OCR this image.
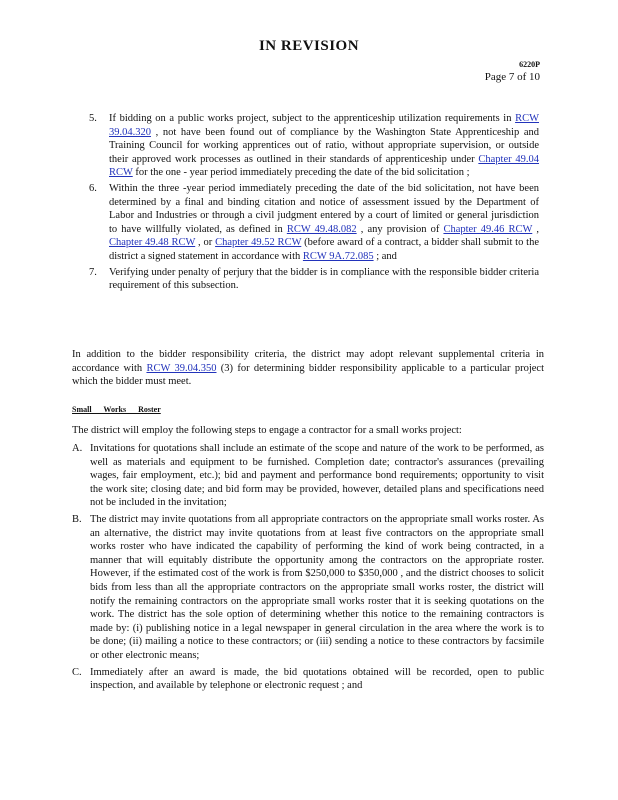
IN REVISION
6220P
Page 7 of 10
5. If bidding on a public works project, subject to the apprenticeship utilization requirements in RCW 39.04.320 , not have been found out of compliance by the Washington State Apprenticeship and Training Council for working apprentices out of ratio, without appropriate supervision, or outside their approved work processes as outlined in their standards of apprenticeship under Chapter 49.04 RCW for the one - year period immediately preceding the date of the bid solicitation ;

6. Within the three -year period immediately preceding the date of the bid solicitation, not have been determined by a final and binding citation and notice of assessment issued by the Department of Labor and Industries or through a civil judgment entered by a court of limited or general jurisdiction to have willfully violated, as defined in RCW 49.48.082 , any provision of Chapter 49.46 RCW , Chapter 49.48 RCW , or Chapter 49.52 RCW (before award of a contract, a bidder shall submit to the district a signed statement in accordance with RCW 9A.72.085 ; and

7. Verifying under penalty of perjury that the bidder is in compliance with the responsible bidder criteria requirement of this subsection.

In addition to the bidder responsibility criteria, the district may adopt relevant supplemental criteria in accordance with RCW 39.04.350 (3) for determining bidder responsibility applicable to a particular project which the bidder must meet.

Small Works Roster

The district will employ the following steps to engage a contractor for a small works project:

A. Invitations for quotations shall include an estimate of the scope and nature of the work to be performed, as well as materials and equipment to be furnished. Completion date; contractor's assurances (prevailing wages, fair employment, etc.); bid and payment and performance bond requirements; opportunity to visit the work site; closing date; and bid form may be provided, however, detailed plans and specifications need not be included in the invitation;

B. The district may invite quotations from all appropriate contractors on the appropriate small works roster. As an alternative, the district may invite quotations from at least five contractors on the appropriate small works roster who have indicated the capability of performing the kind of work being contracted, in a manner that will equitably distribute the opportunity among the contractors on the appropriate roster. However, if the estimated cost of the work is from $250,000 to $350,000 , and the district chooses to solicit bids from less than all the appropriate contractors on the appropriate small works roster, the district will notify the remaining contractors on the appropriate small works roster that it is seeking quotations on the work. The district has the sole option of determining whether this notice to the remaining contractors is made by: (i) publishing notice in a legal newspaper in general circulation in the area where the work is to be done; (ii) mailing a notice to these contractors; or (iii) sending a notice to these contractors by facsimile or other electronic means;

C. Immediately after an award is made, the bid quotations obtained will be recorded, open to public inspection, and available by telephone or electronic request ; and
